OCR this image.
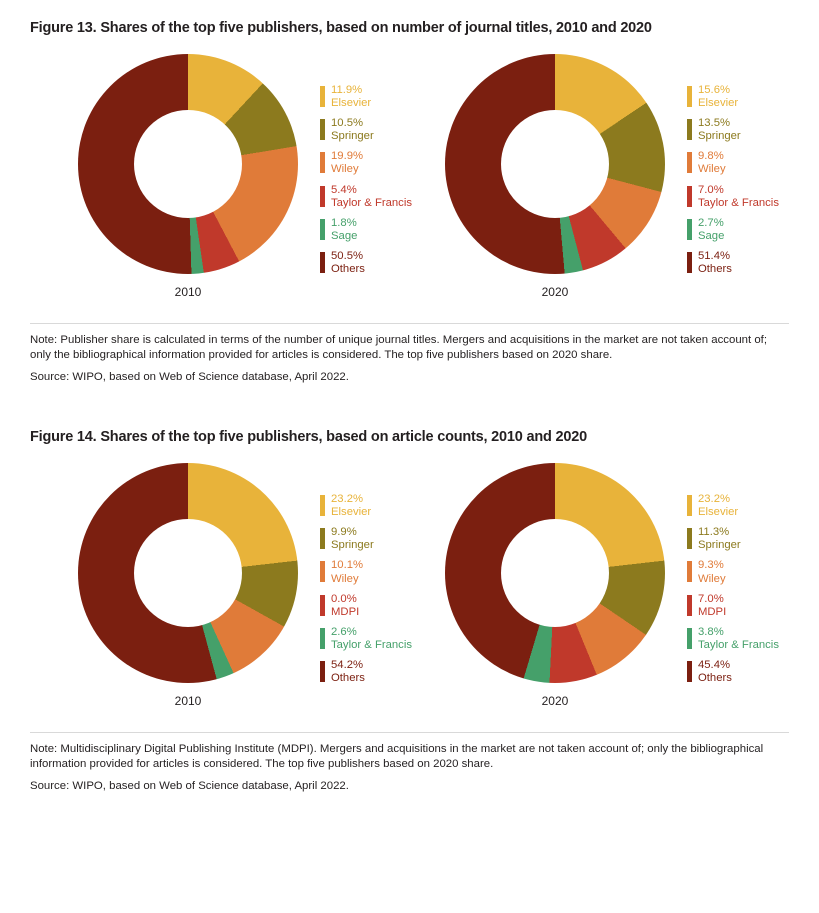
Figure 13. Shares of the top five publishers, based on number of journal titles, 2010 and 2020
2010
11.9%
Elsevier
10.5%
Springer
19.9%
Wiley
5.4%
Taylor & Francis
1.8%
Sage
50.5%
Others
2020
15.6%
Elsevier
13.5%
Springer
9.8%
Wiley
7.0%
Taylor & Francis
2.7%
Sage
51.4%
Others

Note: Publisher share is calculated in terms of the number of unique journal titles. Mergers and acquisitions in the market are not taken account of; only the bibliographical information provided for articles is considered. The top five publishers based on 2020 share.

Source: WIPO, based on Web of Science database, April 2022.
Figure 14. Shares of the top five publishers, based on article counts, 2010 and 2020
2010
23.2%
Elsevier
9.9%
Springer
10.1%
Wiley
0.0%
MDPI
2.6%
Taylor & Francis
54.2%
Others
2020
23.2%
Elsevier
11.3%
Springer
9.3%
Wiley
7.0%
MDPI
3.8%
Taylor & Francis
45.4%
Others

Note: Multidisciplinary Digital Publishing Institute (MDPI). Mergers and acquisitions in the market are not taken account of; only the bibliographical information provided for articles is considered. The top five publishers based on 2020 share.

Source: WIPO, based on Web of Science database, April 2022.
